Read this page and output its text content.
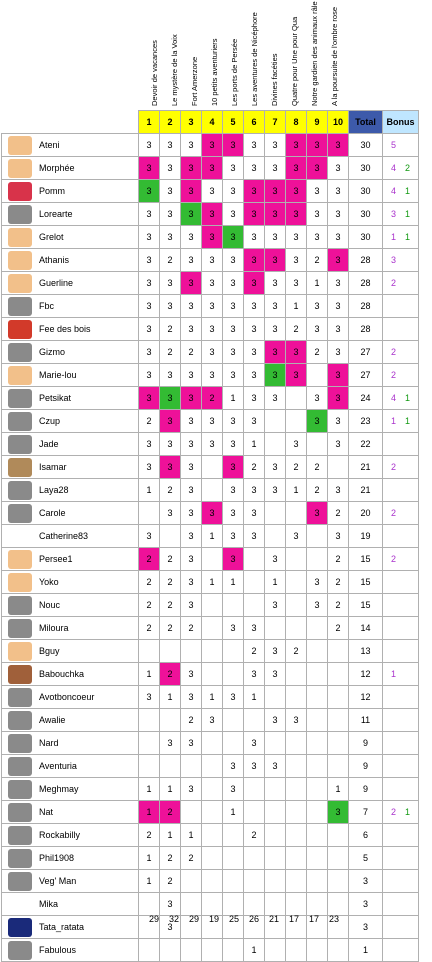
Devoir de vacances Le mystère de la Voix Fort Amerzone 10 petits aventuriers Les ports de Persée Les aventures de Nicéphore Divines facéties Quatre pour Une pour Qua Notre gardien des animaux râle A la poursuite de l'ombre rose
		1	2	3	4	5	6	7	8	9	10	Total	Bonus

	Ateni	3	3	3	3	3	3	3	3	3	3	30	5

	Morphée	3	3	3	3	3	3	3	3	3	3	30	4 2

	Pomm	3	3	3	3	3	3	3	3	3	3	30	4 1

	Lorearte	3	3	3	3	3	3	3	3	3	3	30	3 1

	Grelot	3	3	3	3	3	3	3	3	3	3	30	1 1

	Athanis	3	2	3	3	3	3	3	3	2	3	28	3

	Guerline	3	3	3	3	3	3	3	3	1	3	28	2

	Fbc	3	3	3	3	3	3	3	1	3	3	28	

	Fee des bois	3	2	3	3	3	3	3	2	3	3	28	

	Gizmo	3	2	2	3	3	3	3	3	2	3	27	2

	Marie-lou	3	3	3	3	3	3	3	3		3	27	2

	Petsikat	3	3	3	2	1	3	3		3	3	24	4 1

	Czup	2	3	3	3	3	3			3	3	23	1 1

	Jade	3	3	3	3	3	1		3		3	22	

	Isamar	3	3	3		3	2	3	2	2		21	2

	Laya28	1	2	3		3	3	3	1	2	3	21	

	Carole		3	3	3	3	3			3	2	20	2
	Catherine83	3		3	1	3	3		3		3	19	

	Persee1	2	2	3		3		3			2	15	2

	Yoko	2	2	3	1	1		1		3	2	15	

	Nouc	2	2	3				3		3	2	15	

	Miloura	2	2	2		3	3				2	14	

	Bguy						2	3	2			13	

	Babouchka	1	2	3			3	3				12	1

	Avotboncoeur	3	1	3	1	3	1					12	

	Awalie			2	3			3	3			11	

	Nard		3	3			3					9	

	Aventuria					3	3	3				9	

	Meghmay	1	1	3		3					1	9	

	Nat	1	2			1					3	7	2 1

	Rockabilly	2	1	1			2					6	

	Phil1908	1	2	2								5	

	Veg' Man	1	2									3	
	Mika		3									3	

	Tata_ratata		3									3	

	Fabulous						1					1	
29	32	29	19	25	26	21	17	17	23
